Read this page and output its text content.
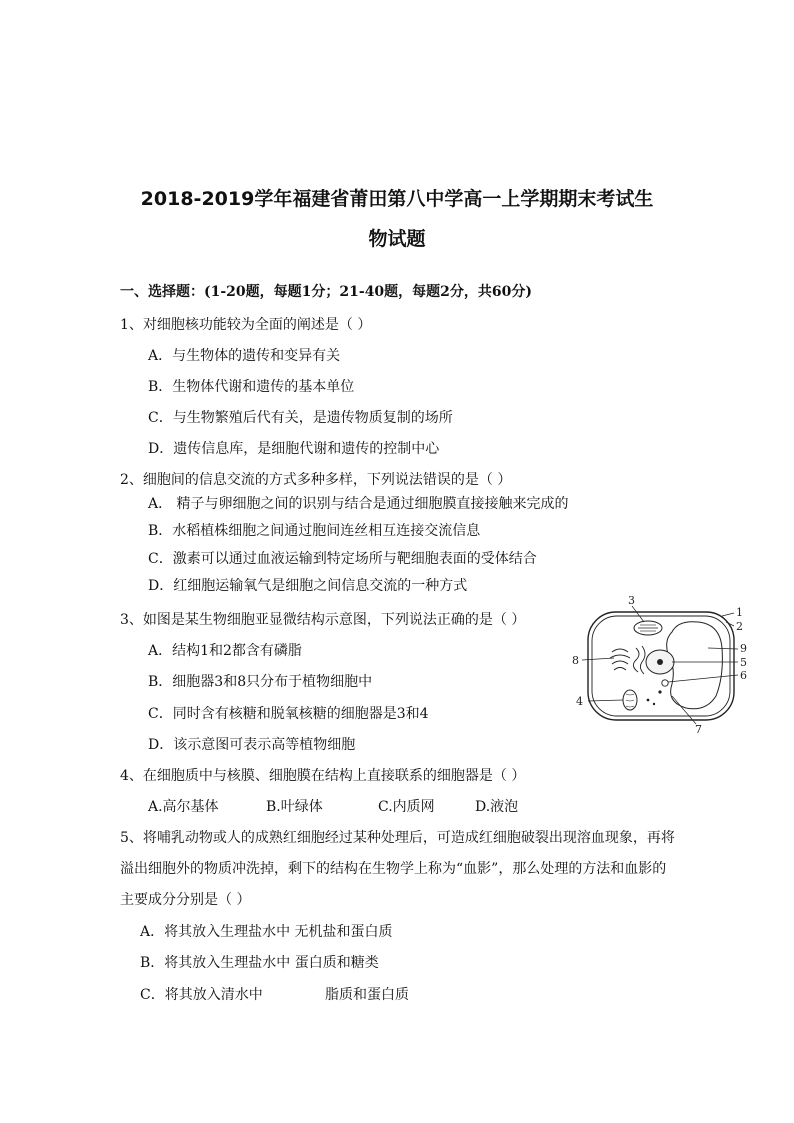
2018-2019学年福建省莆田第八中学高一上学期期末考试生
物试题
一、选择题：(1-20题，每题1分；21-40题，每题2分，共60分)
1、对细胞核功能较为全面的阐述是（ ）
A．与生物体的遗传和变异有关
B．生物体代谢和遗传的基本单位
C．与生物繁殖后代有关，是遗传物质复制的场所
D．遗传信息库，是细胞代谢和遗传的控制中心
2、细胞间的信息交流的方式多种多样，下列说法错误的是（ ）
A． 精子与卵细胞之间的识别与结合是通过细胞膜直接接触来完成的
B．水稻植株细胞之间通过胞间连丝相互连接交流信息
C．激素可以通过血液运输到特定场所与靶细胞表面的受体结合
D．红细胞运输氧气是细胞之间信息交流的一种方式
3、如图是某生物细胞亚显微结构示意图，下列说法正确的是（ ）
A．结构1和2都含有磷脂
B．细胞器3和8只分布于植物细胞中
C．同时含有核糖和脱氧核糖的细胞器是3和4
D．该示意图可表示高等植物细胞
3
1
2
9
8	5
6
4
7
4、在细胞质中与核膜、细胞膜在结构上直接联系的细胞器是（ ）
A.高尔基体	B.叶绿体	C.内质网	D.液泡
5、将哺乳动物或人的成熟红细胞经过某种处理后，可造成红细胞破裂出现溶血现象，再将
溢出细胞外的物质冲洗掉，剩下的结构在生物学上称为“血影”，那么处理的方法和血影的
主要成分分别是（ ）
A．将其放入生理盐水中 无机盐和蛋白质
B．将其放入生理盐水中 蛋白质和糖类
C．将其放入清水中              脂质和蛋白质
